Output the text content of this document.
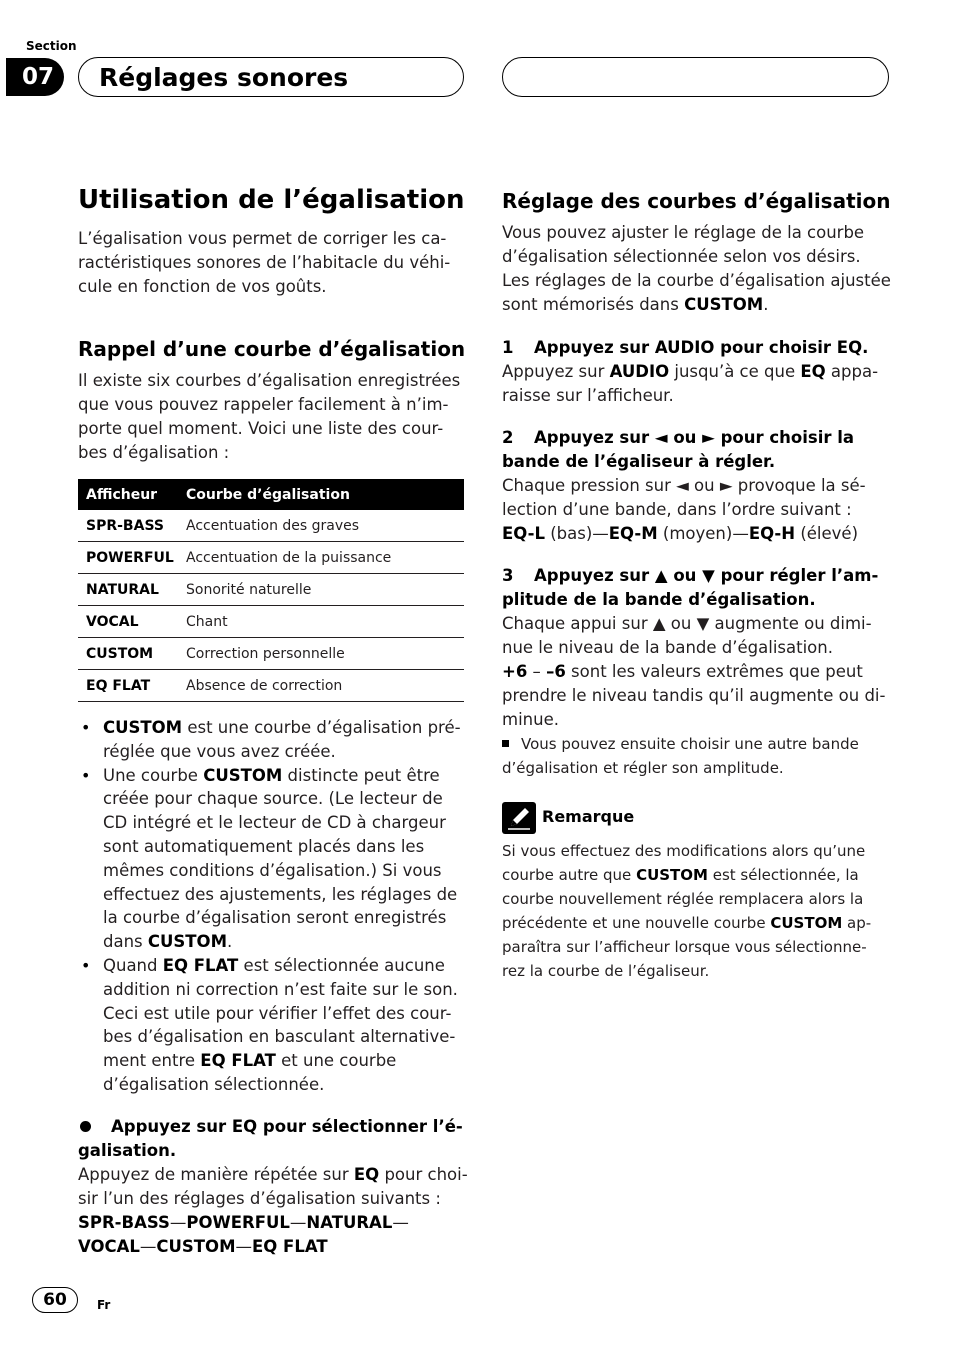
Section
07	Réglages sonores
Utilisation de l’égalisation
L’égalisation vous permet de corriger les ca-
ractéristiques sonores de l’habitacle du véhi-
cule en fonction de vos goûts.
Rappel d’une courbe d’égalisation
Il existe six courbes d’égalisation enregistrées
que vous pouvez rappeler facilement à n’im-
porte quel moment. Voici une liste des cour-
bes d’égalisation :
Afficheur	Courbe d’égalisation
SPR-BASS	Accentuation des graves
POWERFUL	Accentuation de la puissance
NATURAL	Sonorité naturelle
VOCAL	Chant
CUSTOM	Correction personnelle
EQ FLAT	Absence de correction
• CUSTOM est une courbe d’égalisation pré-
réglée que vous avez créée.
• Une courbe CUSTOM distincte peut être
créée pour chaque source. (Le lecteur de
CD intégré et le lecteur de CD à chargeur
sont automatiquement placés dans les
mêmes conditions d’égalisation.) Si vous
effectuez des ajustements, les réglages de
la courbe d’égalisation seront enregistrés
dans CUSTOM.
• Quand EQ FLAT est sélectionnée aucune
addition ni correction n’est faite sur le son.
Ceci est utile pour vérifier l’effet des cour-
bes d’égalisation en basculant alternative-
ment entre EQ FLAT et une courbe
d’égalisation sélectionnée.
Appuyez sur EQ pour sélectionner l’é-
galisation.
Appuyez de manière répétée sur EQ pour choi-
sir l’un des réglages d’égalisation suivants :
SPR-BASS—POWERFUL—NATURAL—
VOCAL—CUSTOM—EQ FLAT
Réglage des courbes d’égalisation
Vous pouvez ajuster le réglage de la courbe
d’égalisation sélectionnée selon vos désirs.
Les réglages de la courbe d’égalisation ajustée
sont mémorisés dans CUSTOM.
1 Appuyez sur AUDIO pour choisir EQ.
Appuyez sur AUDIO jusqu’à ce que EQ appa-
raisse sur l’afficheur.
2 Appuyez sur ◄ ou ► pour choisir la
bande de l’égaliseur à régler.
Chaque pression sur ◄ ou ► provoque la sé-
lection d’une bande, dans l’ordre suivant :
EQ-L (bas)—EQ-M (moyen)—EQ-H (élevé)
3 Appuyez sur ▲ ou ▼ pour régler l’am-
plitude de la bande d’égalisation.
Chaque appui sur ▲ ou ▼ augmente ou dimi-
nue le niveau de la bande d’égalisation.
+6 – –6 sont les valeurs extrêmes que peut
prendre le niveau tandis qu’il augmente ou di-
minue.
Vous pouvez ensuite choisir une autre bande
d’égalisation et régler son amplitude.
Remarque
Si vous effectuez des modifications alors qu’une
courbe autre que CUSTOM est sélectionnée, la
courbe nouvellement réglée remplacera alors la
précédente et une nouvelle courbe CUSTOM ap-
paraîtra sur l’afficheur lorsque vous sélectionne-
rez la courbe de l’égaliseur.
60	Fr
